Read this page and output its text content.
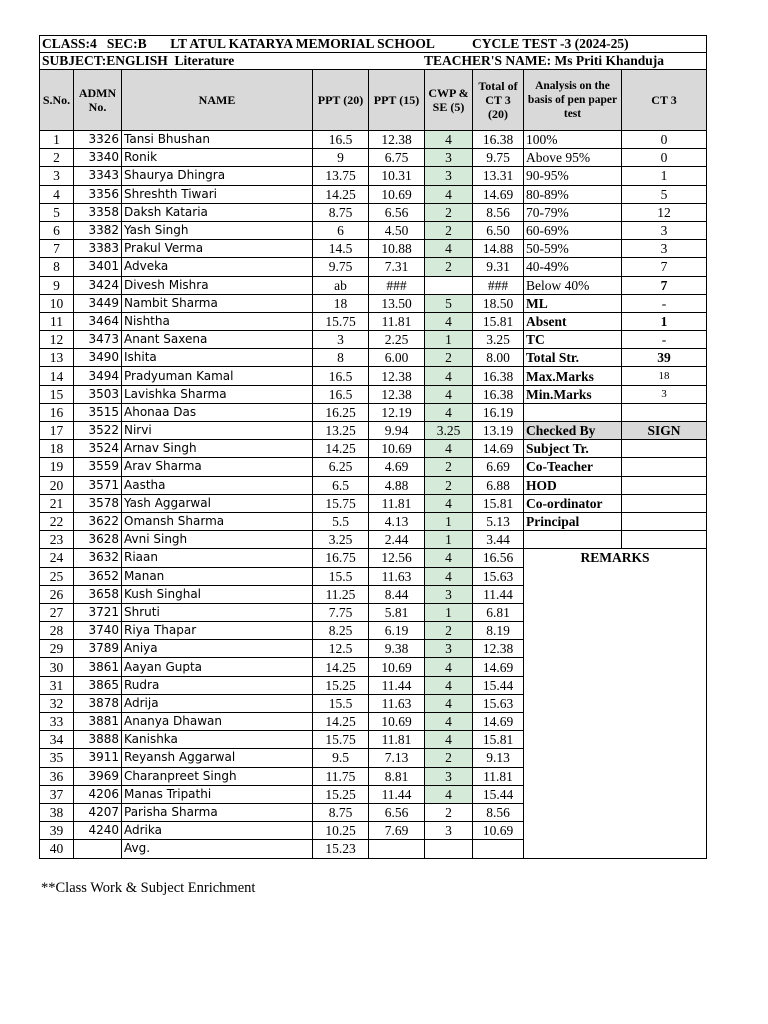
CLASS:4 SEC:B LT ATUL KATARYA MEMORIAL SCHOOL CYCLE TEST -3 (2024-25)								
SUBJECT:ENGLISH  Literature TEACHER'S NAME: Ms Priti Khanduja								

S.No.	ADMN No.	NAME	PPT (20)	PPT (15)	CWP & SE (5)	Total of CT 3 (20)	Analysis on the basis of pen paper test	CT 3
1	3326	Tansi Bhushan	16.5	12.38	4	16.38	100%	0
2	3340	Ronik	9	6.75	3	9.75	Above 95%	0
3	3343	Shaurya Dhingra	13.75	10.31	3	13.31	90-95%	1
4	3356	Shreshth Tiwari	14.25	10.69	4	14.69	80-89%	5
5	3358	Daksh Kataria	8.75	6.56	2	8.56	70-79%	12
6	3382	Yash Singh	6	4.50	2	6.50	60-69%	3
7	3383	Prakul Verma	14.5	10.88	4	14.88	50-59%	3
8	3401	Adveka	9.75	7.31	2	9.31	40-49%	7
9	3424	Divesh Mishra	ab	###		###	Below 40%	7
10	3449	Nambit Sharma	18	13.50	5	18.50	ML	-
11	3464	Nishtha	15.75	11.81	4	15.81	Absent	1
12	3473	Anant Saxena	3	2.25	1	3.25	TC	-
13	3490	Ishita	8	6.00	2	8.00	Total Str.	39
14	3494	Pradyuman Kamal	16.5	12.38	4	16.38	Max.Marks	18
15	3503	Lavishka Sharma	16.5	12.38	4	16.38	Min.Marks	3
16	3515	Ahonaa Das	16.25	12.19	4	16.19		
17	3522	Nirvi	13.25	9.94	3.25	13.19	Checked By	SIGN
18	3524	Arnav Singh	14.25	10.69	4	14.69	Subject Tr.	
19	3559	Arav Sharma	6.25	4.69	2	6.69	Co-Teacher	
20	3571	Aastha	6.5	4.88	2	6.88	HOD	
21	3578	Yash Aggarwal	15.75	11.81	4	15.81	Co-ordinator	
22	3622	Omansh Sharma	5.5	4.13	1	5.13	Principal	
23	3628	Avni Singh	3.25	2.44	1	3.44		
24	3632	Riaan	16.75	12.56	4	16.56	REMARKS	
25	3652	Manan	15.5	11.63	4	15.63		
26	3658	Kush Singhal	11.25	8.44	3	11.44		
27	3721	Shruti	7.75	5.81	1	6.81		
28	3740	Riya Thapar	8.25	6.19	2	8.19		
29	3789	Aniya	12.5	9.38	3	12.38		
30	3861	Aayan Gupta	14.25	10.69	4	14.69		
31	3865	Rudra	15.25	11.44	4	15.44		
32	3878	Adrija	15.5	11.63	4	15.63		
33	3881	Ananya Dhawan	14.25	10.69	4	14.69		
34	3888	Kanishka	15.75	11.81	4	15.81		
35	3911	Reyansh Aggarwal	9.5	7.13	2	9.13		
36	3969	Charanpreet Singh	11.75	8.81	3	11.81		
37	4206	Manas Tripathi	15.25	11.44	4	15.44		
38	4207	Parisha Sharma	8.75	6.56	2	8.56		
39	4240	Adrika	10.25	7.69	3	10.69		
40		Avg.	15.23					
**Class Work & Subject Enrichment
